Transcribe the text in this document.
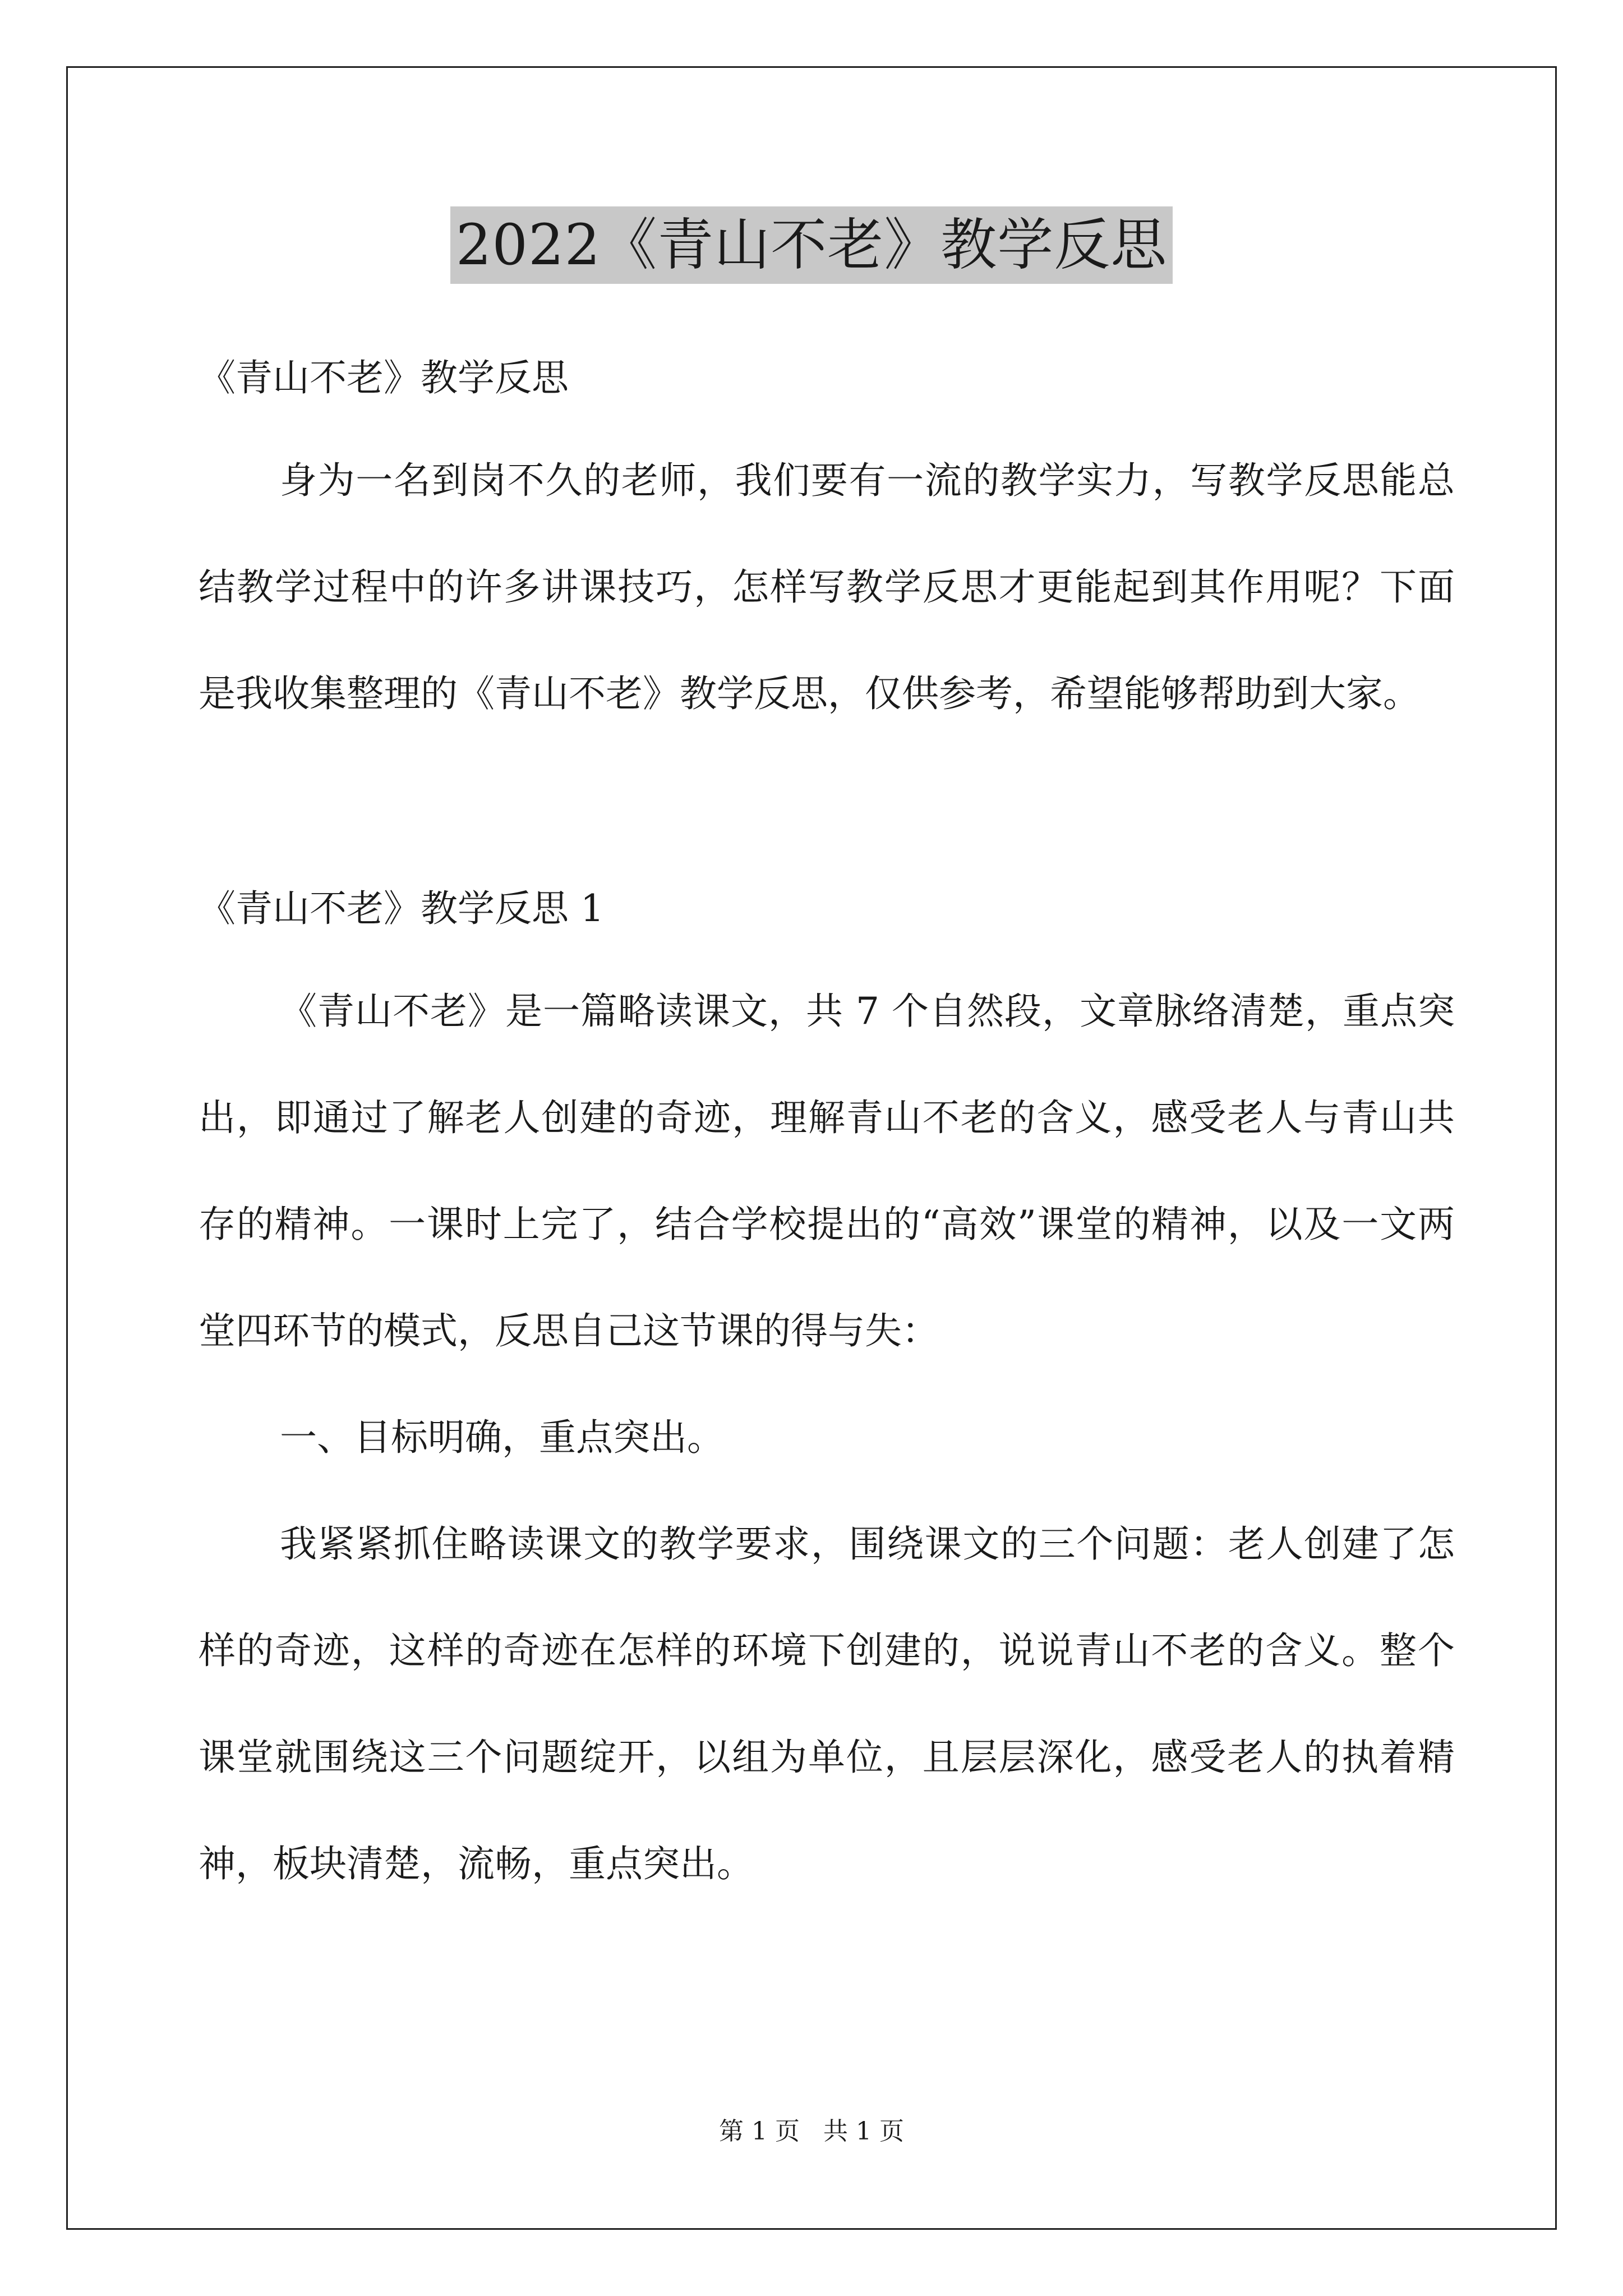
2022《青山不老》教学反思

《青山不老》教学反思

身为一名到岗不久的老师，我们要有一流的教学实力，写教学反思能总结教学过程中的许多讲课技巧，怎样写教学反思才更能起到其作用呢？下面是我收集整理的《青山不老》教学反思，仅供参考，希望能够帮助到大家。

《青山不老》教学反思 1

《青山不老》是一篇略读课文，共 7 个自然段，文章脉络清楚，重点突出，即通过了解老人创建的奇迹，理解青山不老的含义，感受老人与青山共存的精神。一课时上完了，结合学校提出的“高效”课堂的精神，以及一文两堂四环节的模式，反思自己这节课的得与失：

一、目标明确，重点突出。

我紧紧抓住略读课文的教学要求，围绕课文的三个问题：老人创建了怎样的奇迹，这样的奇迹在怎样的环境下创建的，说说青山不老的含义。整个课堂就围绕这三个问题绽开，以组为单位，且层层深化，感受老人的执着精神，板块清楚，流畅，重点突出。

第 1 页   共 1 页
